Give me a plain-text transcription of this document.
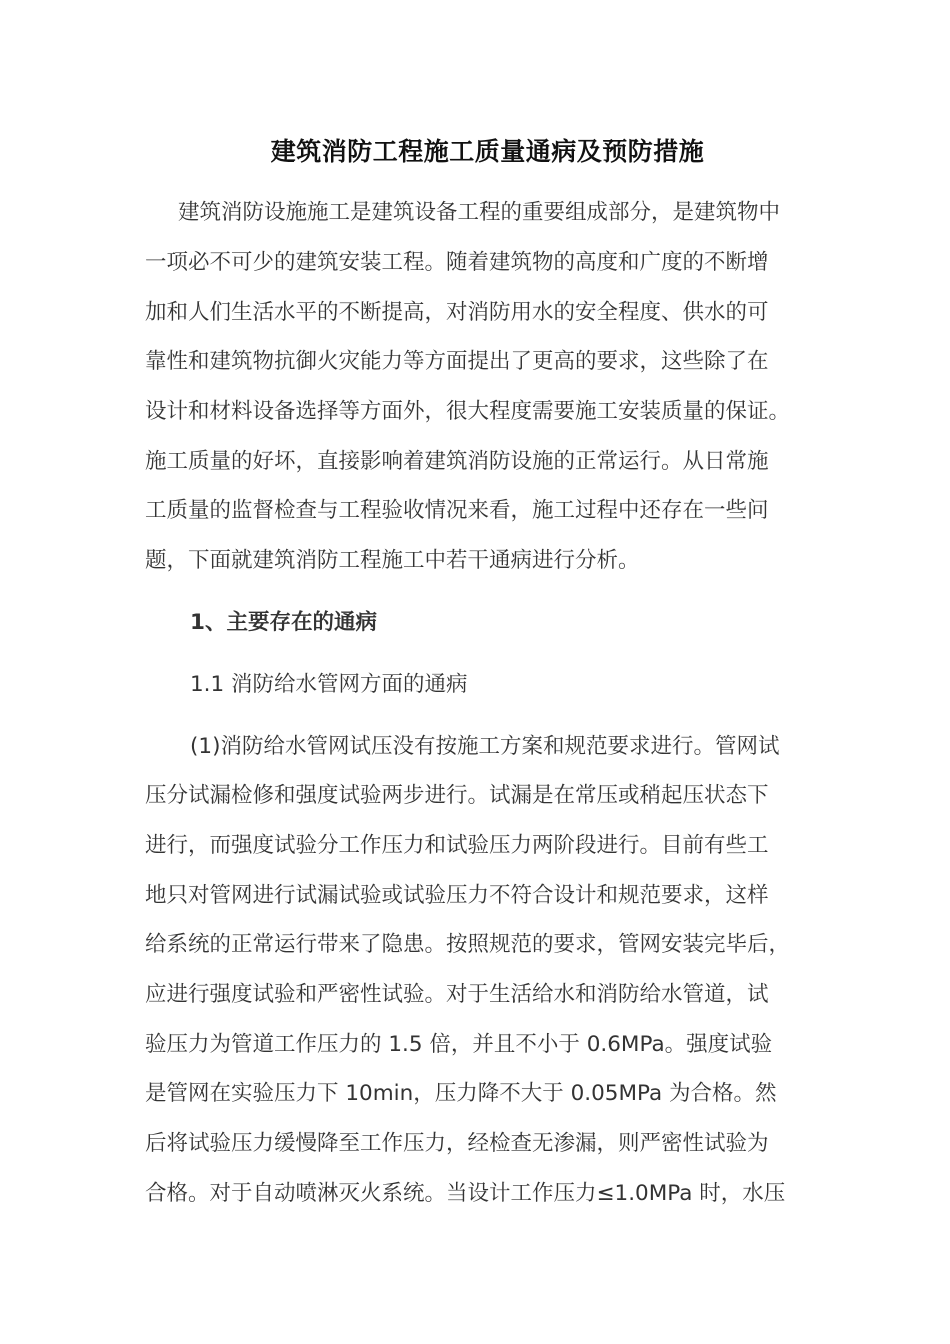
建筑消防工程施工质量通病及预防措施
建筑消防设施施工是建筑设备工程的重要组成部分，是建筑物中
一项必不可少的建筑安装工程。随着建筑物的高度和广度的不断增
加和人们生活水平的不断提高，对消防用水的安全程度、供水的可
靠性和建筑物抗御火灾能力等方面提出了更高的要求，这些除了在
设计和材料设备选择等方面外，很大程度需要施工安装质量的保证。
施工质量的好坏，直接影响着建筑消防设施的正常运行。从日常施
工质量的监督检查与工程验收情况来看，施工过程中还存在一些问
题，下面就建筑消防工程施工中若干通病进行分析。
1、主要存在的通病
1.1 消防给水管网方面的通病
(1)消防给水管网试压没有按施工方案和规范要求进行。管网试
压分试漏检修和强度试验两步进行。试漏是在常压或稍起压状态下
进行，而强度试验分工作压力和试验压力两阶段进行。目前有些工
地只对管网进行试漏试验或试验压力不符合设计和规范要求，这样
给系统的正常运行带来了隐患。按照规范的要求，管网安装完毕后，
应进行强度试验和严密性试验。对于生活给水和消防给水管道，试
验压力为管道工作压力的 1.5 倍，并且不小于 0.6MPa。强度试验
是管网在实验压力下 10min，压力降不大于 0.05MPa 为合格。然
后将试验压力缓慢降至工作压力，经检查无渗漏，则严密性试验为
合格。对于自动喷淋灭火系统。当设计工作压力≤1.0MPa 时，水压
